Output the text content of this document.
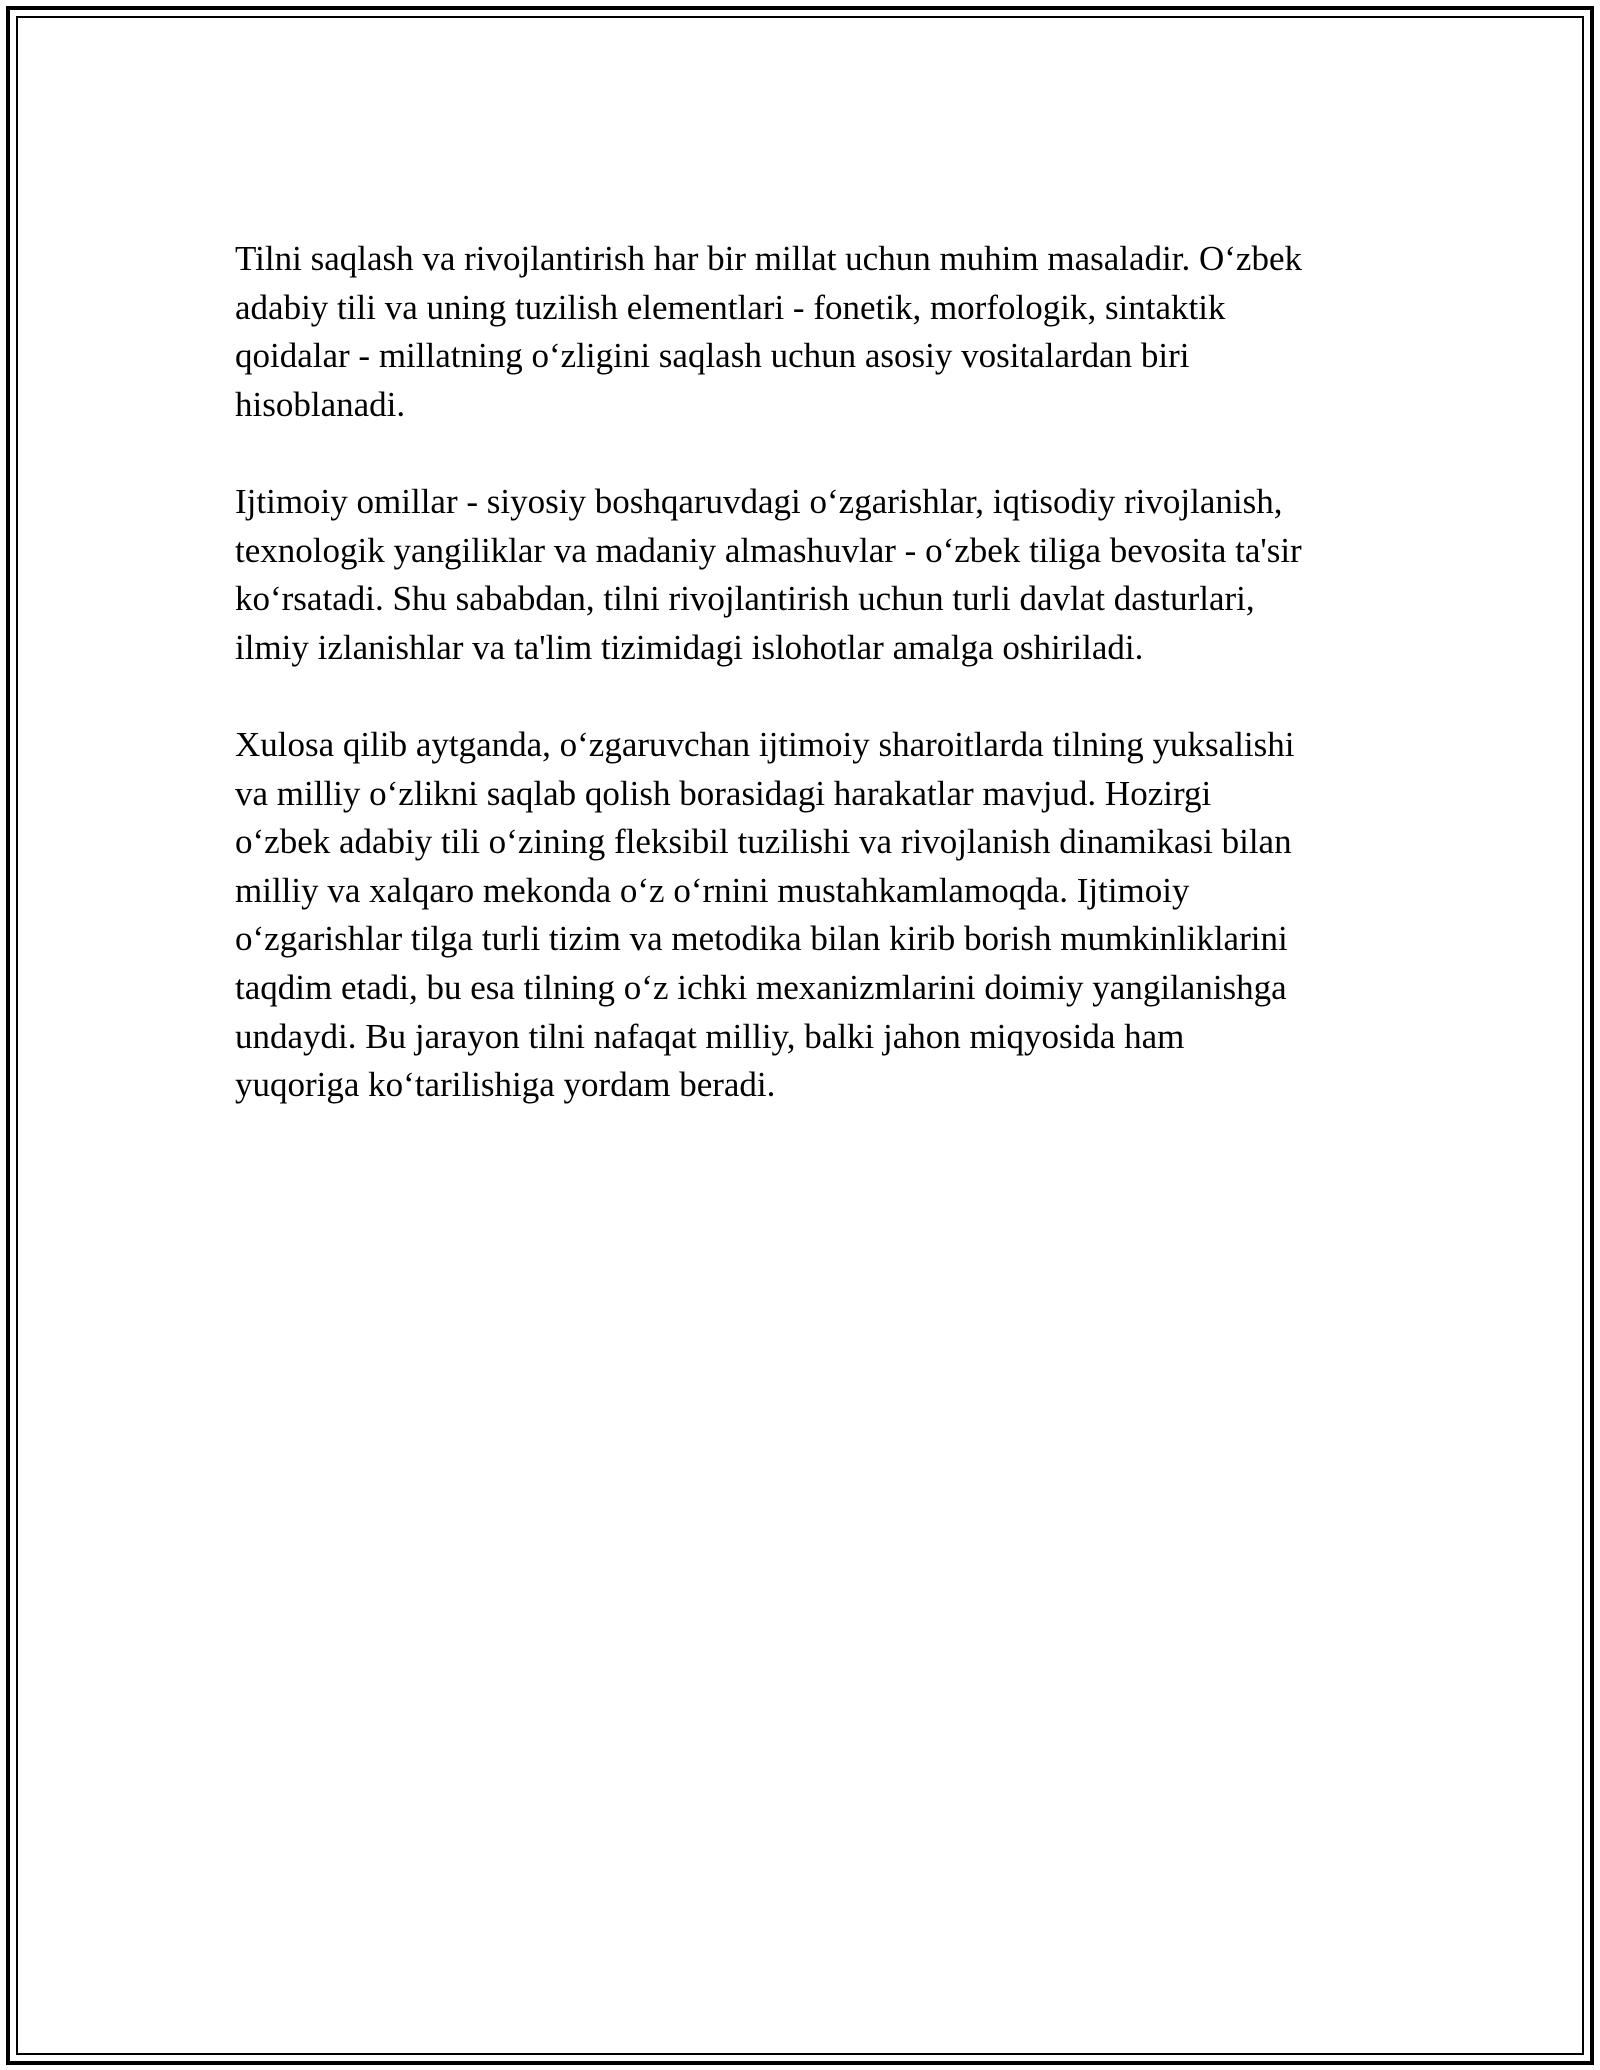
Tilni saqlash va rivojlantirish har bir millat uchun muhim masaladir. O‘zbek
adabiy tili va uning tuzilish elementlari - fonetik, morfologik, sintaktik
qoidalar - millatning o‘zligini saqlash uchun asosiy vositalardan biri
hisoblanadi.

Ijtimoiy omillar - siyosiy boshqaruvdagi o‘zgarishlar, iqtisodiy rivojlanish,
texnologik yangiliklar va madaniy almashuvlar - o‘zbek tiliga bevosita ta'sir
ko‘rsatadi. Shu sababdan, tilni rivojlantirish uchun turli davlat dasturlari,
ilmiy izlanishlar va ta'lim tizimidagi islohotlar amalga oshiriladi.

Xulosa qilib aytganda, o‘zgaruvchan ijtimoiy sharoitlarda tilning yuksalishi
va milliy o‘zlikni saqlab qolish borasidagi harakatlar mavjud. Hozirgi
o‘zbek adabiy tili o‘zining fleksibil tuzilishi va rivojlanish dinamikasi bilan
milliy va xalqaro mekonda o‘z o‘rnini mustahkamlamoqda. Ijtimoiy
o‘zgarishlar tilga turli tizim va metodika bilan kirib borish mumkinliklarini
taqdim etadi, bu esa tilning o‘z ichki mexanizmlarini doimiy yangilanishga
undaydi. Bu jarayon tilni nafaqat milliy, balki jahon miqyosida ham
yuqoriga ko‘tarilishiga yordam beradi.
